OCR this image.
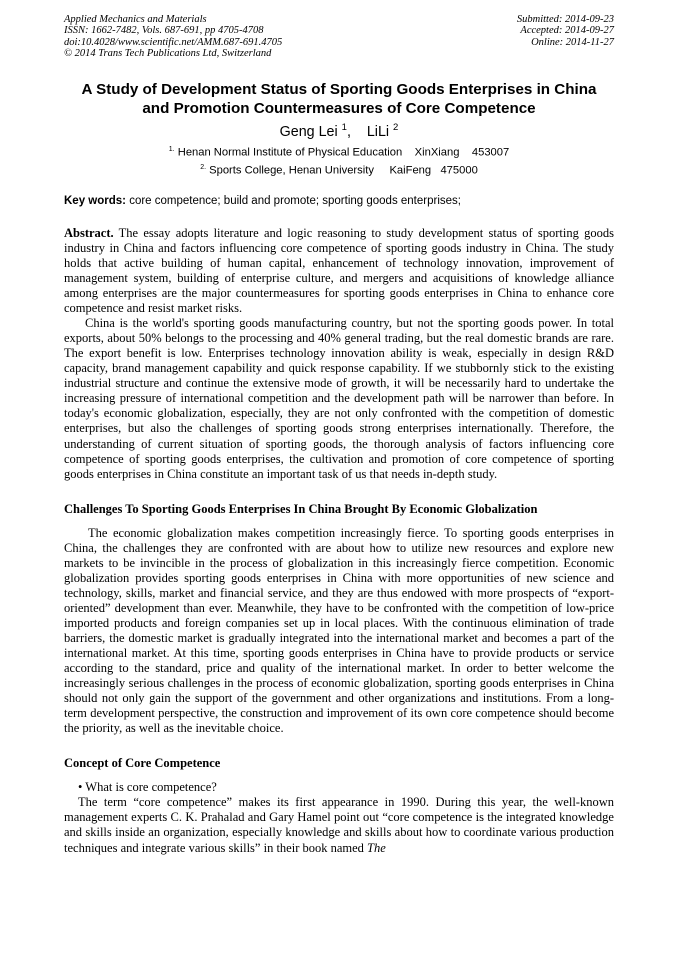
Applied Mechanics and Materials
ISSN: 1662-7482, Vols. 687-691, pp 4705-4708
doi:10.4028/www.scientific.net/AMM.687-691.4705
© 2014 Trans Tech Publications Ltd, Switzerland
Submitted: 2014-09-23
Accepted: 2014-09-27
Online: 2014-11-27
A Study of Development Status of Sporting Goods Enterprises in China
and Promotion Countermeasures of Core Competence
Geng Lei $^1$, LiLi $^2$
$^{1.}$ Henan Normal Institute of Physical Education    XinXiang    453007
$^{2.}$ Sports College, Henan University     KaiFeng   475000
Key words: core competence; build and promote; sporting goods enterprises;

Abstract. The essay adopts literature and logic reasoning to study development status of sporting goods industry in China and factors influencing core competence of sporting goods industry in China. The study holds that active building of human capital, enhancement of technology innovation, improvement of management system, building of enterprise culture, and mergers and acquisitions of knowledge alliance among enterprises are the major countermeasures for sporting goods enterprises in China to enhance core competence and resist market risks.

China is the world's sporting goods manufacturing country, but not the sporting goods power. In total exports, about 50% belongs to the processing and 40% general trading, but the real domestic brands are rare. The export benefit is low. Enterprises technology innovation ability is weak, especially in design R&D capacity, brand management capability and quick response capability. If we stubbornly stick to the existing industrial structure and continue the extensive mode of growth, it will be necessarily hard to undertake the increasing pressure of international competition and the development path will be narrower than before. In today's economic globalization, especially, they are not only confronted with the competition of domestic enterprises, but also the challenges of sporting goods strong enterprises internationally. Therefore, the understanding of current situation of sporting goods, the thorough analysis of factors influencing core competence of sporting goods enterprises, the cultivation and promotion of core competence of sporting goods enterprises in China constitute an important task of us that needs in-depth study.

Challenges To Sporting Goods Enterprises In China Brought By Economic Globalization

The economic globalization makes competition increasingly fierce. To sporting goods enterprises in China, the challenges they are confronted with are about how to utilize new resources and explore new markets to be invincible in the process of globalization in this increasingly fierce competition. Economic globalization provides sporting goods enterprises in China with more opportunities of new science and technology, skills, market and financial service, and they are thus endowed with more prospects of “export-oriented” development than ever. Meanwhile, they have to be confronted with the competition of low-price imported products and foreign companies set up in local places. With the continuous elimination of trade barriers, the domestic market is gradually integrated into the international market and becomes a part of the international market. At this time, sporting goods enterprises in China have to provide products or service according to the standard, price and quality of the international market. In order to better welcome the increasingly serious challenges in the process of economic globalization, sporting goods enterprises in China should not only gain the support of the government and other organizations and institutions. From a long-term development perspective, the construction and improvement of its own core competence should become the priority, as well as the inevitable choice.

Concept of Core Competence

• What is core competence?

The term “core competence” makes its first appearance in 1990. During this year, the well-known management experts C. K. Prahalad and Gary Hamel point out “core competence is the integrated knowledge and skills inside an organization, especially knowledge and skills about how to coordinate various production techniques and integrate various skills” in their book named The
